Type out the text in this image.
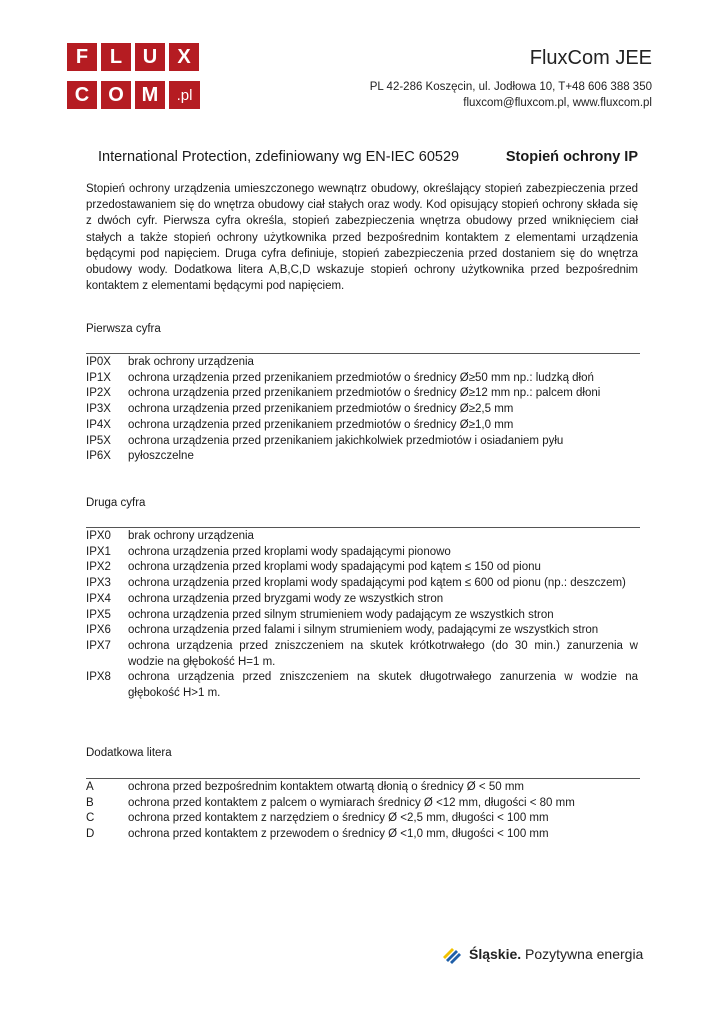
F	L	U	X
C O M	.pl
FluxCom JEE
PL 42-286 Koszęcin, ul. Jodłowa 10, T+48 606 388 350
fluxcom@fluxcom.pl, www.fluxcom.pl
International Protection, zdefiniowany wg EN-IEC 60529	Stopień ochrony IP
Stopień ochrony urządzenia umieszczonego wewnątrz obudowy, określający stopień zabezpieczenia przed przedostawaniem się do wnętrza obudowy ciał stałych oraz wody. Kod opisujący stopień ochrony składa się z dwóch cyfr. Pierwsza cyfra określa, stopień zabezpieczenia wnętrza obudowy przed wniknięciem ciał stałych a także stopień ochrony użytkownika przed bezpośrednim kontaktem z elementami urządzenia będącymi pod napięciem. Druga cyfra definiuje, stopień zabezpieczenia przed dostaniem się do wnętrza obudowy wody. Dodatkowa litera A,B,C,D wskazuje stopień ochrony użytkownika przed bezpośrednim kontaktem z elementami będącymi pod napięciem.
Pierwsza cyfra
IP0X	brak ochrony urządzenia
IP1X	ochrona urządzenia przed przenikaniem przedmiotów o średnicy Ø≥50 mm np.: ludzką dłoń
IP2X	ochrona urządzenia przed przenikaniem przedmiotów o średnicy Ø≥12 mm np.: palcem dłoni
IP3X	ochrona urządzenia przed przenikaniem przedmiotów o średnicy Ø≥2,5 mm
IP4X	ochrona urządzenia przed przenikaniem przedmiotów o średnicy Ø≥1,0 mm
IP5X	ochrona urządzenia przed przenikaniem jakichkolwiek przedmiotów i osiadaniem pyłu
IP6X	pyłoszczelne
Druga cyfra
IPX0	brak ochrony urządzenia
IPX1	ochrona urządzenia przed kroplami wody spadającymi pionowo
IPX2	ochrona urządzenia przed kroplami wody spadającymi pod kątem ≤ 150 od pionu
IPX3	ochrona urządzenia przed kroplami wody spadającymi pod kątem ≤ 600 od pionu (np.: deszczem)
IPX4	ochrona urządzenia przed bryzgami wody ze wszystkich stron
IPX5	ochrona urządzenia przed silnym strumieniem wody padającym ze wszystkich stron
IPX6	ochrona urządzenia przed falami i silnym strumieniem wody, padającymi ze wszystkich stron
IPX7	ochrona urządzenia przed zniszczeniem na skutek krótkotrwałego (do 30 min.) zanurzenia w wodzie na głębokość H=1 m.
IPX8	ochrona urządzenia przed zniszczeniem na skutek długotrwałego zanurzenia w wodzie na głębokość H>1 m.
Dodatkowa litera
A	ochrona przed bezpośrednim kontaktem otwartą dłonią o średnicy Ø < 50 mm
B	ochrona przed kontaktem z palcem o wymiarach średnicy Ø <12 mm, długości < 80 mm
C	ochrona przed kontaktem z narzędziem o średnicy Ø <2,5 mm, długości < 100 mm
D	ochrona przed kontaktem z przewodem o średnicy Ø <1,0 mm, długości < 100 mm
Śląskie. Pozytywna energia
